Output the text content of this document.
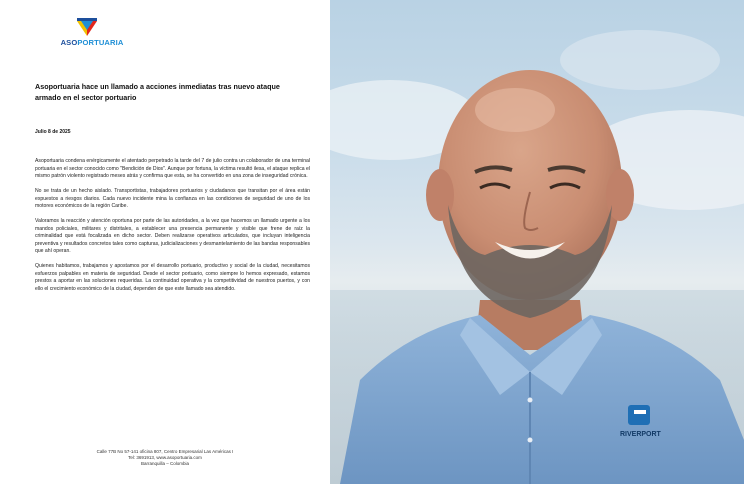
ASOPORTUARIA
Asoportuaria hace un llamado a acciones inmediatas tras nuevo ataque armado en el sector portuario
Julio 8 de 2025

Asoportuaria condena enérgicamente el atentado perpetrado la tarde del 7 de julio contra un colaborador de una terminal portuaria en el sector conocido como "Bendición de Dios". Aunque por fortuna, la víctima resultó ilesa, el ataque replica el mismo patrón violento registrado meses atrás y confirma que esta, se ha convertido en una zona de inseguridad crónica.

No se trata de un hecho aislado. Transportistas, trabajadores portuarios y ciudadanos que transitan por el área están expuestos a riesgos diarios. Cada nuevo incidente mina la confianza en las condiciones de seguridad de uno de los motores económicos de la región Caribe.

Valoramos la reacción y atención oportuna por parte de las autoridades, a la vez que hacemos un llamado urgente a los mandos policiales, militares y distritales, a establecer una presencia permanente y visible que frene de raíz la criminalidad que está focalizada en dicho sector. Deben realizarse operativos articulados, que incluyan inteligencia preventiva y resultados concretos tales como capturas, judicializaciones y desmantelamiento de las bandas responsables que ahí operan.

Quienes habitamos, trabajamos y apostamos por el desarrollo portuario, productivo y social de la ciudad, necesitamos esfuerzos palpables en materia de seguridad. Desde el sector portuario, como siempre lo hemos expresado, estamos prestos a aportar en las soluciones requeridas. La continuidad operativa y la competitividad de nuestros puertos, y con ello el crecimiento económico de la ciudad, dependen de que este llamado sea atendido.

Calle 77B No 57-141 oficina 807, Centro Empresarial Las Américas I
Tel: 3691913, www.asoportuaria.com
Barranquilla – Colombia
RIVERPORT
